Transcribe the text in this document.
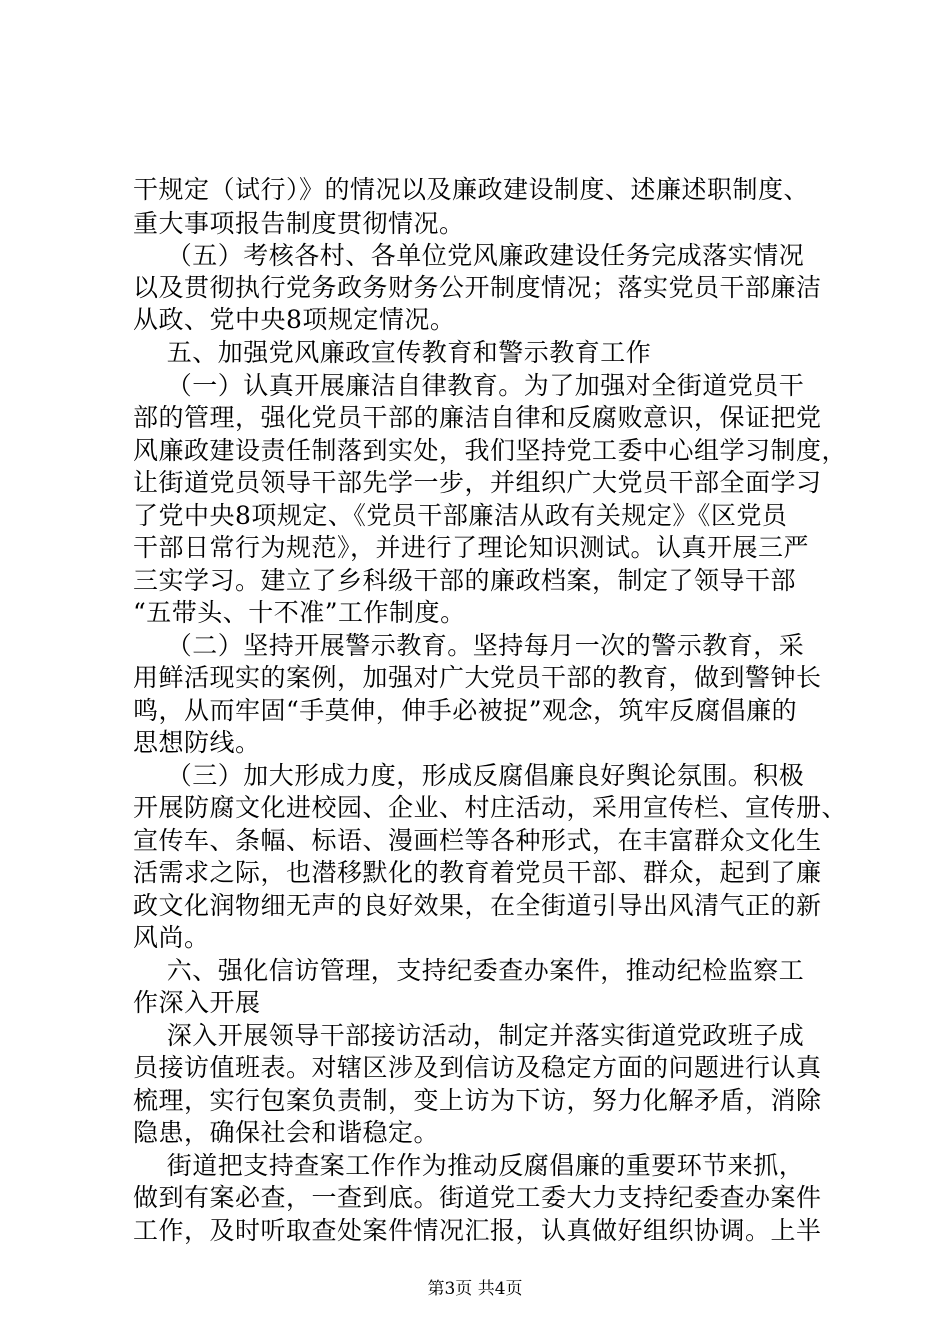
干规定（试行）》的情况以及廉政建设制度、述廉述职制度、
重大事项报告制度贯彻情况。
（五）考核各村、各单位党风廉政建设任务完成落实情况
以及贯彻执行党务政务财务公开制度情况；落实党员干部廉洁
从政、党中央8项规定情况。
五、加强党风廉政宣传教育和警示教育工作
（一）认真开展廉洁自律教育。为了加强对全街道党员干
部的管理，强化党员干部的廉洁自律和反腐败意识，保证把党
风廉政建设责任制落到实处，我们坚持党工委中心组学习制度，
让街道党员领导干部先学一步，并组织广大党员干部全面学习
了党中央8项规定、《党员干部廉洁从政有关规定》《区党员
干部日常行为规范》，并进行了理论知识测试。认真开展三严
三实学习。建立了乡科级干部的廉政档案，制定了领导干部
“五带头、十不准”工作制度。
（二）坚持开展警示教育。坚持每月一次的警示教育，采
用鲜活现实的案例，加强对广大党员干部的教育，做到警钟长
鸣，从而牢固“手莫伸，伸手必被捉”观念，筑牢反腐倡廉的
思想防线。
（三）加大形成力度，形成反腐倡廉良好舆论氛围。积极
开展防腐文化进校园、企业、村庄活动，采用宣传栏、宣传册、
宣传车、条幅、标语、漫画栏等各种形式，在丰富群众文化生
活需求之际，也潜移默化的教育着党员干部、群众，起到了廉
政文化润物细无声的良好效果，在全街道引导出风清气正的新
风尚。
六、强化信访管理，支持纪委查办案件，推动纪检监察工
作深入开展
深入开展领导干部接访活动，制定并落实街道党政班子成
员接访值班表。对辖区涉及到信访及稳定方面的问题进行认真
梳理，实行包案负责制，变上访为下访，努力化解矛盾，消除
隐患，确保社会和谐稳定。
街道把支持查案工作作为推动反腐倡廉的重要环节来抓，
做到有案必查，一查到底。街道党工委大力支持纪委查办案件
工作，及时听取查处案件情况汇报，认真做好组织协调。上半
第3页 共4页
